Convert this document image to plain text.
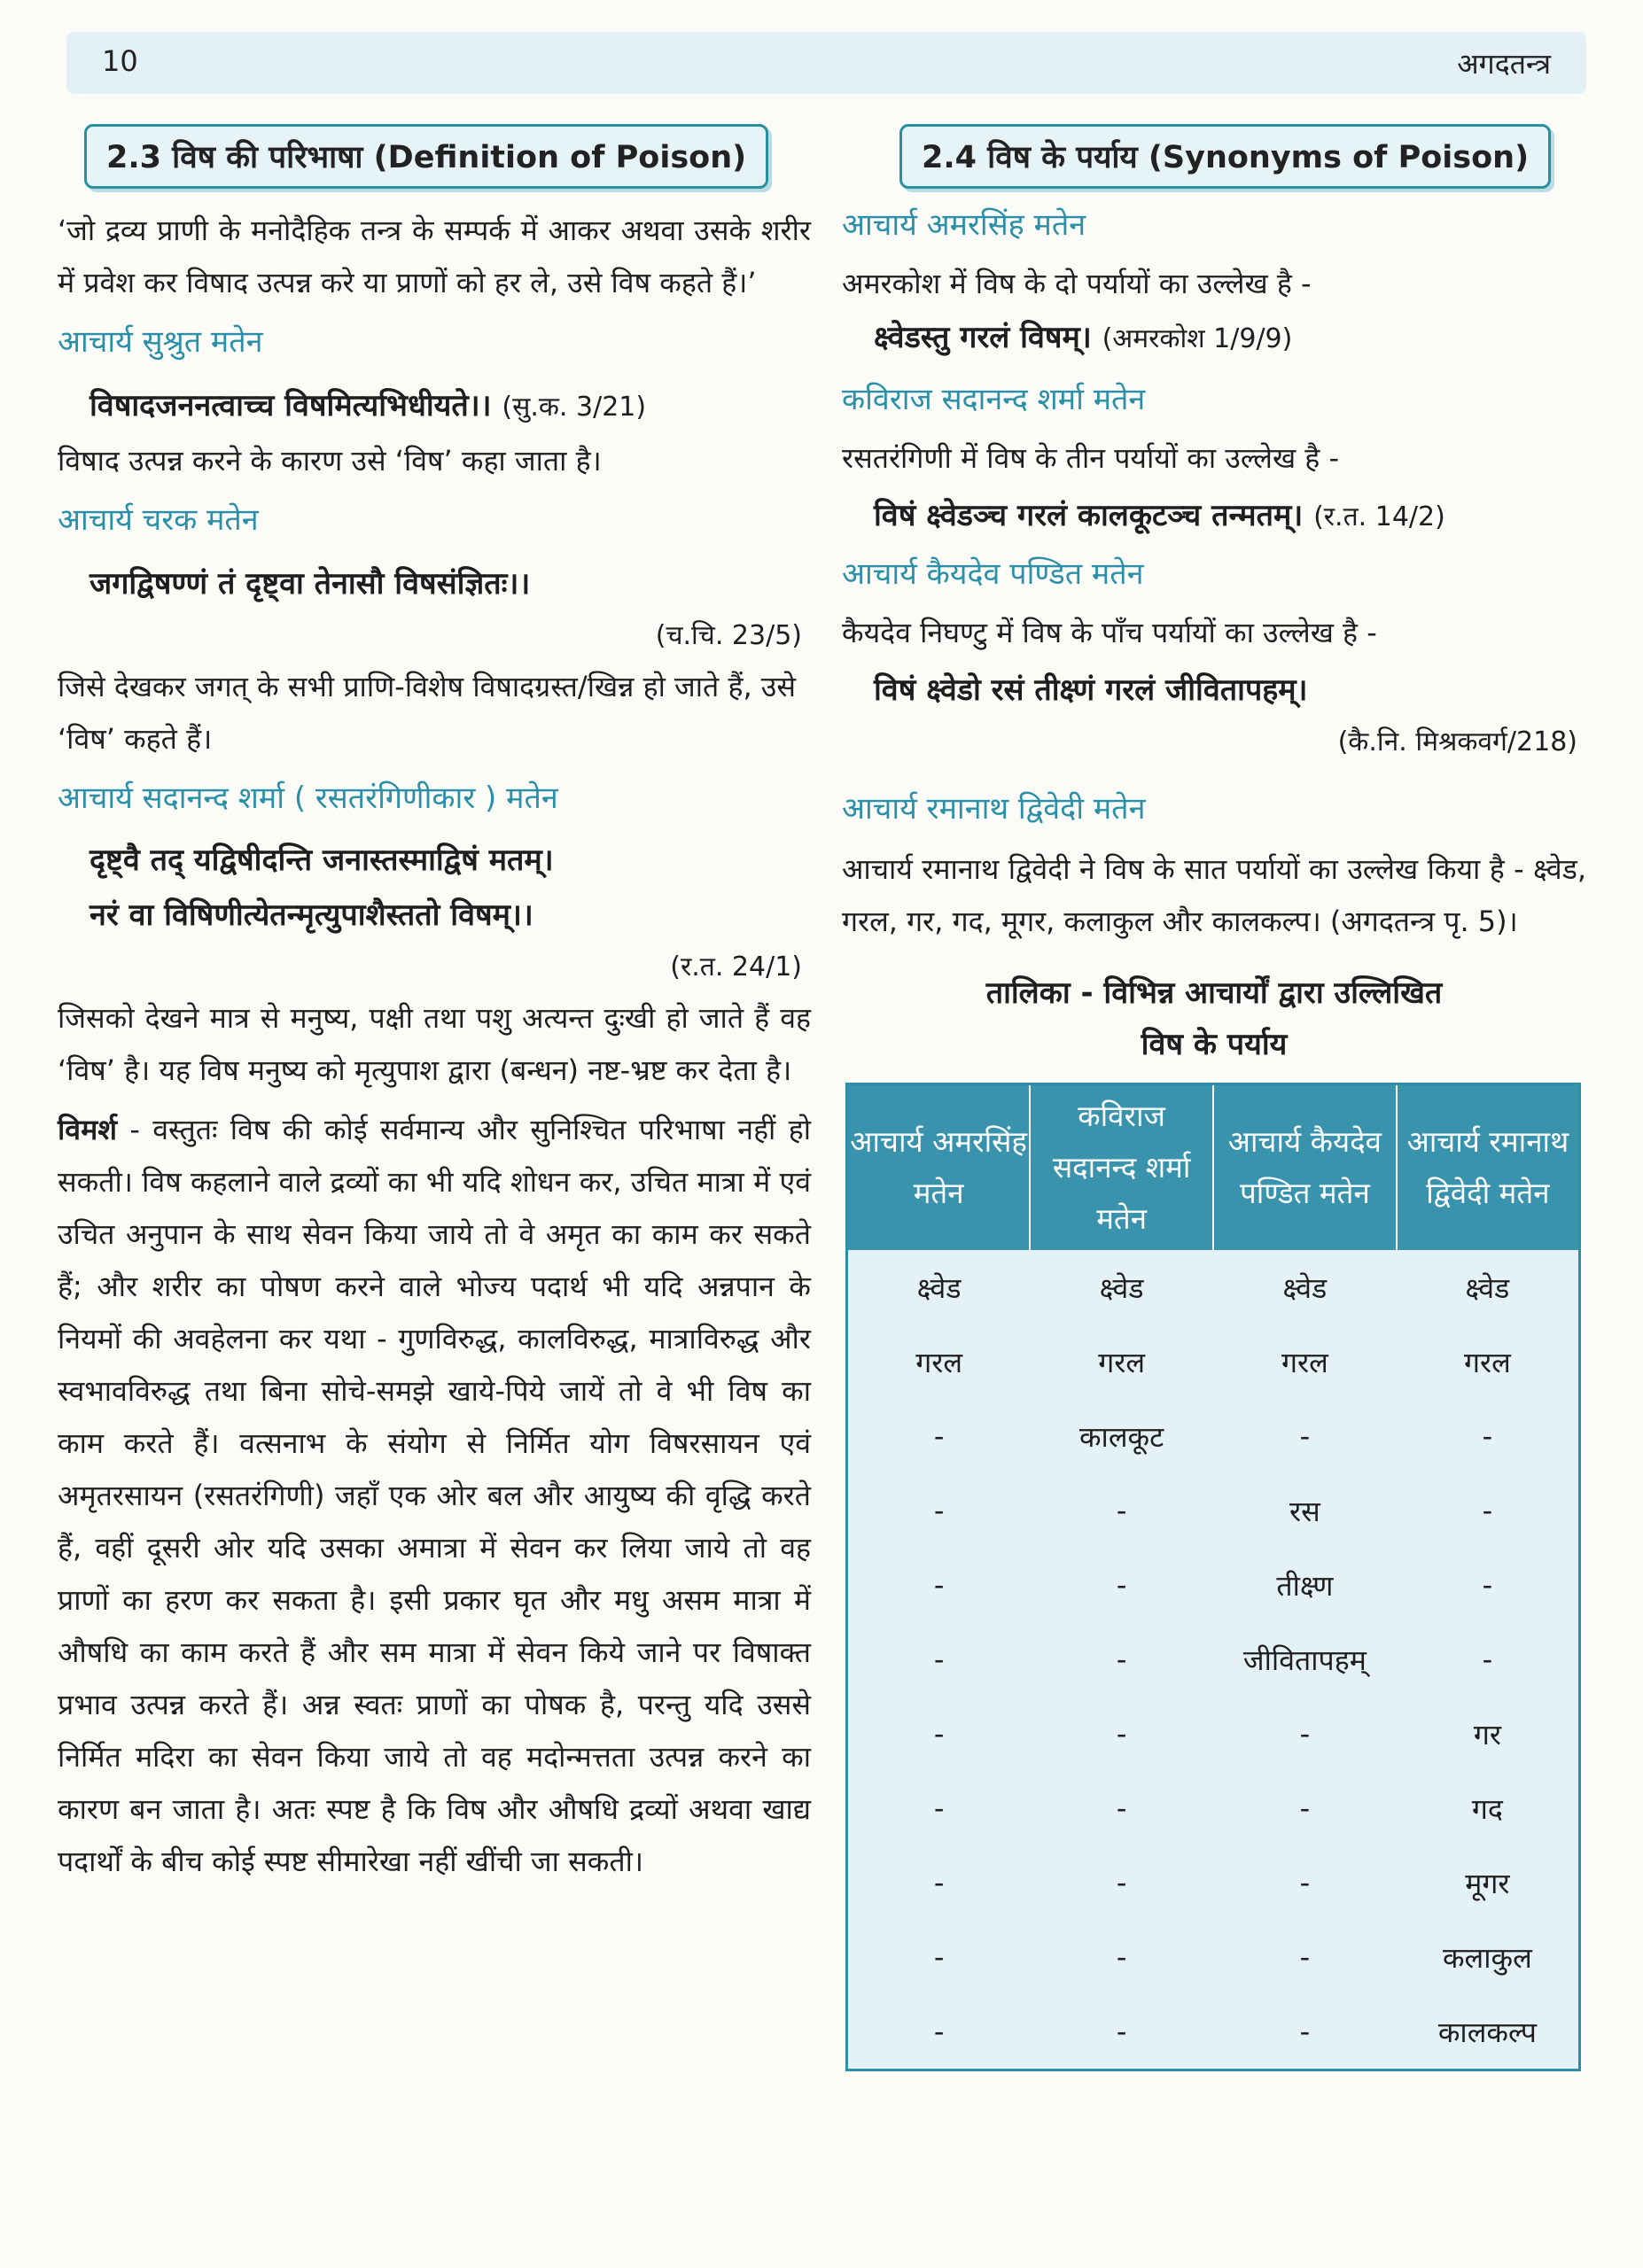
10	अगदतन्त्र
2.3 विष की परिभाषा (Definition of Poison)

‘जो द्रव्य प्राणी के मनोदैहिक तन्त्र के सम्पर्क में आकर अथवा उसके शरीर में प्रवेश कर विषाद उत्पन्न करे या प्राणों को हर ले, उसे विष कहते हैं।’

आचार्य सुश्रुत मतेन

विषादजननत्वाच्च विषमित्यभिधीयते।। (सु.क. 3/21)

विषाद उत्पन्न करने के कारण उसे ‘विष’ कहा जाता है।

आचार्य चरक मतेन

जगद्विषण्णं तं दृष्ट्वा तेनासौ विषसंज्ञितः।।

(च.चि. 23/5)

जिसे देखकर जगत् के सभी प्राणि-विशेष विषादग्रस्त/खिन्न हो जाते हैं, उसे ‘विष’ कहते हैं।

आचार्य सदानन्द शर्मा ( रसतरंगिणीकार ) मतेन

दृष्ट्वै तद् यद्विषीदन्ति जनास्तस्माद्विषं मतम्।

नरं वा विषिणीत्येतन्मृत्युपाशैस्ततो विषम्।।

(र.त. 24/1)

जिसको देखने मात्र से मनुष्य, पक्षी तथा पशु अत्यन्त दुःखी हो जाते हैं वह ‘विष’ है। यह विष मनुष्य को मृत्युपाश द्वारा (बन्धन) नष्ट-भ्रष्ट कर देता है।

विमर्श - वस्तुतः विष की कोई सर्वमान्य और सुनिश्चित परिभाषा नहीं हो सकती। विष कहलाने वाले द्रव्यों का भी यदि शोधन कर, उचित मात्रा में एवं उचित अनुपान के साथ सेवन किया जाये तो वे अमृत का काम कर सकते हैं; और शरीर का पोषण करने वाले भोज्य पदार्थ भी यदि अन्नपान के नियमों की अवहेलना कर यथा - गुणविरुद्ध, कालविरुद्ध, मात्राविरुद्ध और स्वभावविरुद्ध तथा बिना सोचे-समझे खाये-पिये जायें तो वे भी विष का काम करते हैं। वत्सनाभ के संयोग से निर्मित योग विषरसायन एवं अमृतरसायन (रसतरंगिणी) जहाँ एक ओर बल और आयुष्य की वृद्धि करते हैं, वहीं दूसरी ओर यदि उसका अमात्रा में सेवन कर लिया जाये तो वह प्राणों का हरण कर सकता है। इसी प्रकार घृत और मधु असम मात्रा में औषधि का काम करते हैं और सम मात्रा में सेवन किये जाने पर विषाक्त प्रभाव उत्पन्न करते हैं। अन्न स्वतः प्राणों का पोषक है, परन्तु यदि उससे निर्मित मदिरा का सेवन किया जाये तो वह मदोन्मत्तता उत्पन्न करने का कारण बन जाता है। अतः स्पष्ट है कि विष और औषधि द्रव्यों अथवा खाद्य पदार्थों के बीच कोई स्पष्ट सीमारेखा नहीं खींची जा सकती।

2.4 विष के पर्याय (Synonyms of Poison)

आचार्य अमरसिंह मतेन

अमरकोश में विष के दो पर्यायों का उल्लेख है -

क्ष्वेडस्तु गरलं विषम्। (अमरकोश 1/9/9)

कविराज सदानन्द शर्मा मतेन

रसतरंगिणी में विष के तीन पर्यायों का उल्लेख है -

विषं क्ष्वेडञ्च गरलं कालकूटञ्च तन्मतम्। (र.त. 14/2)

आचार्य कैयदेव पण्डित मतेन

कैयदेव निघण्टु में विष के पाँच पर्यायों का उल्लेख है -

विषं क्ष्वेडो रसं तीक्ष्णं गरलं जीवितापहम्।

(कै.नि. मिश्रकवर्ग/218)

आचार्य रमानाथ द्विवेदी मतेन

आचार्य रमानाथ द्विवेदी ने विष के सात पर्यायों का उल्लेख किया है - क्ष्वेड, गरल, गर, गद, मूगर, कलाकुल और कालकल्प। (अगदतन्त्र पृ. 5)।

तालिका - विभिन्न आचार्यों द्वारा उल्लिखित

विष के पर्याय

आचार्य अमरसिंह मतेन	कविराज सदानन्द शर्मा मतेन	आचार्य कैयदेव पण्डित मतेन	आचार्य रमानाथ द्विवेदी मतेन
क्ष्वेड	क्ष्वेड	क्ष्वेड	क्ष्वेड
गरल	गरल	गरल	गरल
-	कालकूट	-	-
-	-	रस	-
-	-	तीक्ष्ण	-
-	-	जीवितापहम्	-
-	-	-	गर
-	-	-	गद
-	-	-	मूगर
-	-	-	कलाकुल
-	-	-	कालकल्प
